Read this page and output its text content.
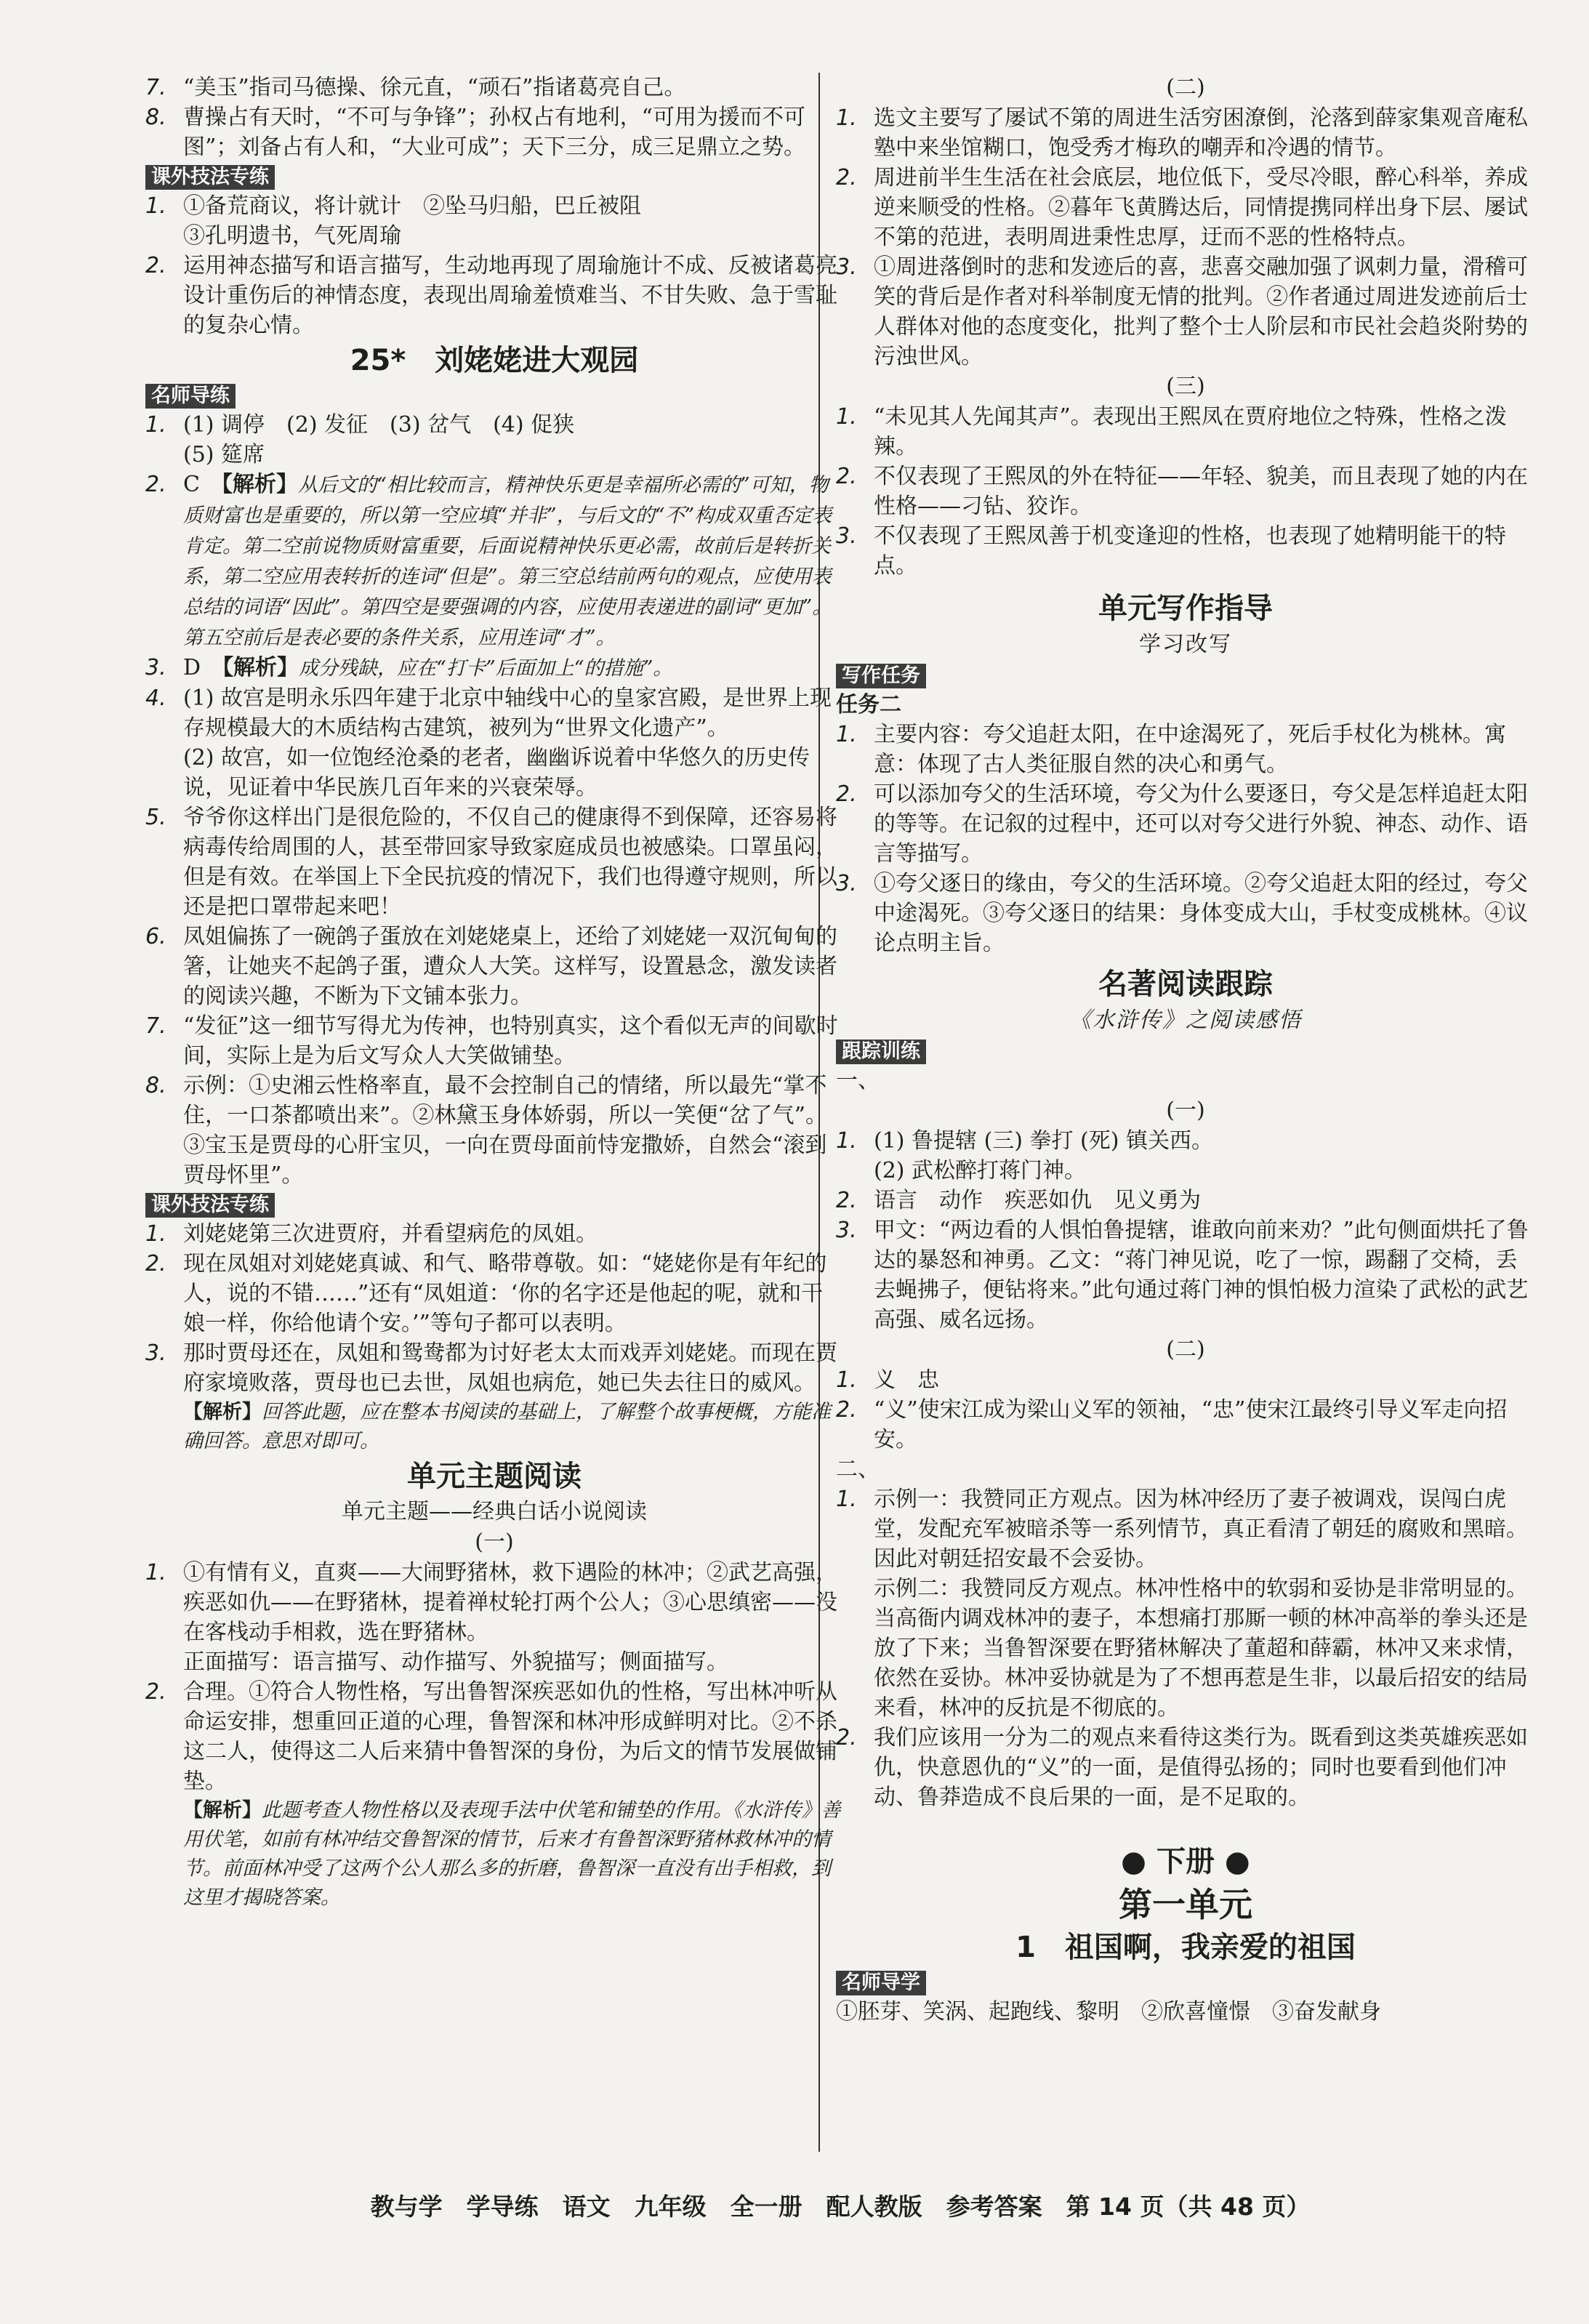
7. “美玉”指司马德操、徐元直，“顽石”指诸葛亮自己。
8. 曹操占有天时，“不可与争锋”；孙权占有地利，“可用为援而不可图”；刘备占有人和，“大业可成”；天下三分，成三足鼎立之势。
课外技法专练
1. ①备荒商议，将计就计　②坠马归船，巴丘被阻
③孔明遗书，气死周瑜
2. 运用神态描写和语言描写，生动地再现了周瑜施计不成、反被诸葛亮设计重伤后的神情态度，表现出周瑜羞愤难当、不甘失败、急于雪耻的复杂心情。
25*　刘姥姥进大观园
名师导练
1. (1) 调停　(2) 发征　(3) 岔气　(4) 促狭
(5) 筵席
2. C　 【解析】从后文的“相比较而言，精神快乐更是幸福所必需的”可知，物质财富也是重要的，所以第一空应填“并非”，与后文的“不”构成双重否定表肯定。第二空前说物质财富重要，后面说精神快乐更必需，故前后是转折关系，第二空应用表转折的连词“但是”。第三空总结前两句的观点，应使用表总结的词语“因此”。第四空是要强调的内容，应使用表递进的副词“更加”。第五空前后是表必要的条件关系，应用连词“才”。
3. D　 【解析】成分残缺，应在“打卡”后面加上“的措施”。
4. (1) 故宫是明永乐四年建于北京中轴线中心的皇家宫殿，是世界上现存规模最大的木质结构古建筑，被列为“世界文化遗产”。
(2) 故宫，如一位饱经沧桑的老者，幽幽诉说着中华悠久的历史传说，见证着中华民族几百年来的兴衰荣辱。
5. 爷爷你这样出门是很危险的，不仅自己的健康得不到保障，还容易将病毒传给周围的人，甚至带回家导致家庭成员也被感染。口罩虽闷，但是有效。在举国上下全民抗疫的情况下，我们也得遵守规则，所以还是把口罩带起来吧！
6. 凤姐偏拣了一碗鸽子蛋放在刘姥姥桌上，还给了刘姥姥一双沉甸甸的箸，让她夹不起鸽子蛋，遭众人大笑。这样写，设置悬念，激发读者的阅读兴趣，不断为下文铺本张力。
7. “发征”这一细节写得尤为传神，也特别真实，这个看似无声的间歇时间，实际上是为后文写众人大笑做铺垫。
8. 示例：①史湘云性格率直，最不会控制自己的情绪，所以最先“掌不住，一口茶都喷出来”。②林黛玉身体娇弱，所以一笑便“岔了气”。③宝玉是贾母的心肝宝贝，一向在贾母面前恃宠撒娇，自然会“滚到贾母怀里”。
课外技法专练
1. 刘姥姥第三次进贾府，并看望病危的凤姐。
2. 现在凤姐对刘姥姥真诚、和气、略带尊敬。如：“姥姥你是有年纪的人，说的不错……”还有“凤姐道：‘你的名字还是他起的呢，就和干娘一样，你给他请个安。’”等句子都可以表明。
3. 那时贾母还在，凤姐和鸳鸯都为讨好老太太而戏弄刘姥姥。而现在贾府家境败落，贾母也已去世，凤姐也病危，她已失去往日的威风。
【解析】回答此题，应在整本书阅读的基础上，了解整个故事梗概，方能准确回答。意思对即可。
单元主题阅读
单元主题——经典白话小说阅读
(一)
1. ①有情有义，直爽——大闹野猪林，救下遇险的林冲；②武艺高强，疾恶如仇——在野猪林，提着禅杖轮打两个公人；③心思缜密——没在客栈动手相救，选在野猪林。
正面描写：语言描写、动作描写、外貌描写；侧面描写。
2. 合理。①符合人物性格，写出鲁智深疾恶如仇的性格，写出林冲听从命运安排，想重回正道的心理，鲁智深和林冲形成鲜明对比。②不杀这二人，使得这二人后来猜中鲁智深的身份，为后文的情节发展做铺垫。
【解析】此题考查人物性格以及表现手法中伏笔和铺垫的作用。《水浒传》善用伏笔，如前有林冲结交鲁智深的情节，后来才有鲁智深野猪林救林冲的情节。前面林冲受了这两个公人那么多的折磨，鲁智深一直没有出手相救，到这里才揭晓答案。
(二)
1. 选文主要写了屡试不第的周进生活穷困潦倒，沦落到薛家集观音庵私塾中来坐馆糊口，饱受秀才梅玖的嘲弄和冷遇的情节。
2. 周进前半生生活在社会底层，地位低下，受尽冷眼，醉心科举，养成逆来顺受的性格。②暮年飞黄腾达后，同情提携同样出身下层、屡试不第的范进，表明周进秉性忠厚，迂而不恶的性格特点。
3. ①周进落倒时的悲和发迹后的喜，悲喜交融加强了讽刺力量，滑稽可笑的背后是作者对科举制度无情的批判。②作者通过周进发迹前后士人群体对他的态度变化，批判了整个士人阶层和市民社会趋炎附势的污浊世风。
(三)
1. “未见其人先闻其声”。表现出王熙凤在贾府地位之特殊，性格之泼辣。
2. 不仅表现了王熙凤的外在特征——年轻、貌美，而且表现了她的内在性格——刁钻、狡诈。
3. 不仅表现了王熙凤善于机变逢迎的性格，也表现了她精明能干的特点。
单元写作指导
学习改写
写作任务
任务二
1. 主要内容：夸父追赶太阳，在中途渴死了，死后手杖化为桃林。寓意：体现了古人类征服自然的决心和勇气。
2. 可以添加夸父的生活环境，夸父为什么要逐日，夸父是怎样追赶太阳的等等。在记叙的过程中，还可以对夸父进行外貌、神态、动作、语言等描写。
3. ①夸父逐日的缘由，夸父的生活环境。②夸父追赶太阳的经过，夸父中途渴死。③夸父逐日的结果：身体变成大山，手杖变成桃林。④议论点明主旨。
名著阅读跟踪
《水浒传》之阅读感悟
跟踪训练
一、
(一)
1. (1) 鲁提辖 (三) 拳打 (死) 镇关西。
(2) 武松醉打蒋门神。
2. 语言　动作　疾恶如仇　见义勇为
3. 甲文：“两边看的人惧怕鲁提辖，谁敢向前来劝？”此句侧面烘托了鲁达的暴怒和神勇。乙文：“蒋门神见说，吃了一惊，踢翻了交椅，丢去蝇拂子，便钻将来。”此句通过蒋门神的惧怕极力渲染了武松的武艺高强、威名远扬。
(二)
1. 义　忠
2. “义”使宋江成为梁山义军的领袖，“忠”使宋江最终引导义军走向招安。
二、
1. 示例一：我赞同正方观点。因为林冲经历了妻子被调戏，误闯白虎堂，发配充军被暗杀等一系列情节，真正看清了朝廷的腐败和黑暗。因此对朝廷招安最不会妥协。
示例二：我赞同反方观点。林冲性格中的软弱和妥协是非常明显的。当高衙内调戏林冲的妻子，本想痛打那厮一顿的林冲高举的拳头还是放了下来；当鲁智深要在野猪林解决了董超和薛霸，林冲又来求情，依然在妥协。林冲妥协就是为了不想再惹是生非，以最后招安的结局来看，林冲的反抗是不彻底的。
2. 我们应该用一分为二的观点来看待这类行为。既看到这类英雄疾恶如仇，快意恩仇的“义”的一面，是值得弘扬的；同时也要看到他们冲动、鲁莽造成不良后果的一面，是不足取的。
● 下册 ●
第一单元
1　祖国啊，我亲爱的祖国
名师导学
①胚芽、笑涡、起跑线、黎明　②欣喜憧憬　③奋发献身
教与学　学导练　语文　九年级　全一册　配人教版　参考答案　第 14 页（共 48 页）
